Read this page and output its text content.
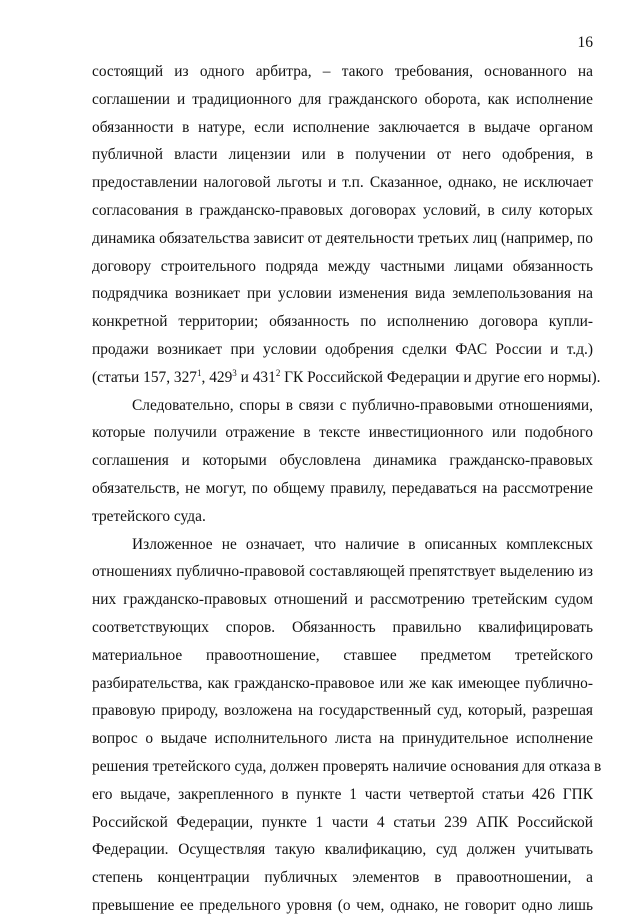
16
состоящий из одного арбитра, – такого требования, основанного на
соглашении и традиционного для гражданского оборота, как исполнение
обязанности в натуре, если исполнение заключается в выдаче органом
публичной власти лицензии или в получении от него одобрения, в
предоставлении налоговой льготы и т.п. Сказанное, однако, не исключает
согласования в гражданско-правовых договорах условий, в силу которых
динамика обязательства зависит от деятельности третьих лиц (например, по
договору строительного подряда между частными лицами обязанность
подрядчика возникает при условии изменения вида землепользования на
конкретной территории; обязанность по исполнению договора купли-
продажи возникает при условии одобрения сделки ФАС России и т.д.)
(статьи 157, $327^1$, $429^3$ и $431^2$ ГК Российской Федерации и другие его нормы).
Следовательно, споры в связи с публично-правовыми отношениями,
которые получили отражение в тексте инвестиционного или подобного
соглашения и которыми обусловлена динамика гражданско-правовых
обязательств, не могут, по общему правилу, передаваться на рассмотрение
третейского суда.
Изложенное не означает, что наличие в описанных комплексных
отношениях публично-правовой составляющей препятствует выделению из
них гражданско-правовых отношений и рассмотрению третейским судом
соответствующих споров. Обязанность правильно квалифицировать
материальное правоотношение, ставшее предметом третейского
разбирательства, как гражданско-правовое или же как имеющее публично-
правовую природу, возложена на государственный суд, который, разрешая
вопрос о выдаче исполнительного листа на принудительное исполнение
решения третейского суда, должен проверять наличие основания для отказа в
его выдаче, закрепленного в пункте 1 части четвертой статьи 426 ГПК
Российской Федерации, пункте 1 части 4 статьи 239 АПК Российской
Федерации. Осуществляя такую квалификацию, суд должен учитывать
степень концентрации публичных элементов в правоотношении, а
превышение ее предельного уровня (о чем, однако, не говорит одно лишь
